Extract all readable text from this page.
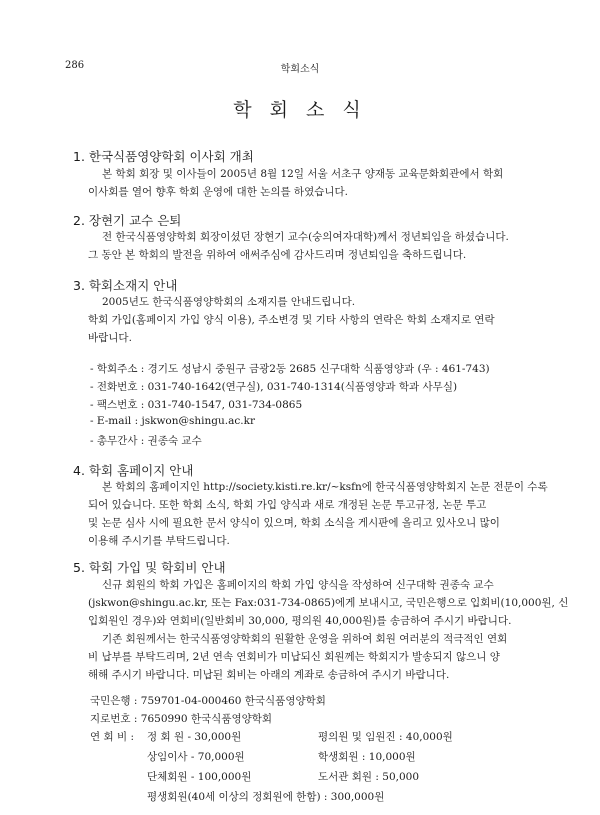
286	학회소식
학 회 소 식
1. 한국식품영양학회 이사회 개최
본 학회 회장 및 이사들이 2005년 8월 12일 서울 서초구 양재동 교육문화회관에서 학회
이사회를 열어 향후 학회 운영에 대한 논의를 하였습니다.
2. 장현기 교수 은퇴
전 한국식품영양학회 회장이셨던 장현기 교수(숭의여자대학)께서 정년퇴임을 하셨습니다.
그 동안 본 학회의 발전을 위하여 애써주심에 감사드리며 정년퇴임을 축하드립니다.
3. 학회소재지 안내
2005년도 한국식품영양학회의 소재지를 안내드립니다.
학회 가입(홈페이지 가입 양식 이용), 주소변경 및 기타 사항의 연락은 학회 소재지로 연락
바랍니다.
- 학회주소 : 경기도 성남시 중원구 금광2동 2685 신구대학 식품영양과 (우 : 461-743)
- 전화번호 : 031-740-1642(연구실), 031-740-1314(식품영양과 학과 사무실)
- 팩스번호 : 031-740-1547, 031-734-0865
- E-mail : jskwon@shingu.ac.kr
- 총무간사 : 권종숙 교수
4. 학회 홈페이지 안내
본 학회의 홈페이지인 http://society.kisti.re.kr/~ksfn에 한국식품영양학회지 논문 전문이 수록
되어 있습니다. 또한 학회 소식, 학회 가입 양식과 새로 개정된 논문 투고규정, 논문 투고
및 논문 심사 시에 필요한 문서 양식이 있으며, 학회 소식을 게시판에 올리고 있사오니 많이
이용해 주시기를 부탁드립니다.
5. 학회 가입 및 학회비 안내
신규 회원의 학회 가입은 홈페이지의 학회 가입 양식을 작성하여 신구대학 권종숙 교수
(jskwon@shingu.ac.kr, 또는 Fax:031-734-0865)에게 보내시고, 국민은행으로 입회비(10,000원, 신
입회원인 경우)와 연회비(일반회비 30,000, 평의원 40,000원)를 송금하여 주시기 바랍니다.
기존 회원께서는 한국식품영양학회의 원활한 운영을 위하여 회원 여러분의 적극적인 연회
비 납부를 부탁드리며, 2년 연속 연회비가 미납되신 회원께는 학회지가 발송되지 않으니 양
해해 주시기 바랍니다. 미납된 회비는 아래의 계좌로 송금하여 주시기 바랍니다.
국민은행 : 759701-04-000460 한국식품영양학회
지로번호 : 7650990 한국식품영양학회
연 회 비 : 정 회 원 - 30,000원	평의원 및 임원진 : 40,000원
상임이사 - 70,000원	학생회원 : 10,000원
단체회원 - 100,000원	도서관 회원 : 50,000
평생회원(40세 이상의 정회원에 한함) : 300,000원
